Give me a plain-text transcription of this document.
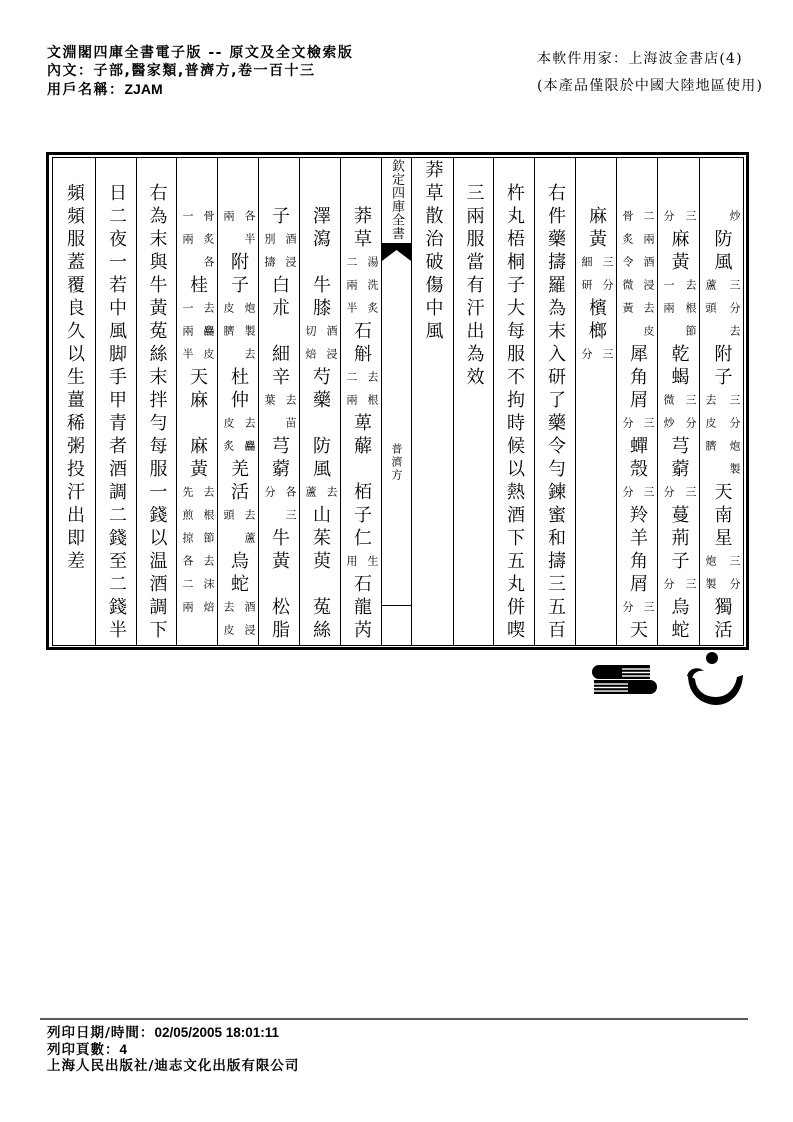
文淵閣四庫全書電子版 -- 原文及全文檢索版
內文：子部,醫家類,普濟方,卷一百十三
用戶名稱：ZJAM
本軟件用家：上海波金書店(4)
(本產品僅限於中國大陸地區使用)
炒
防風
三分去
蘆頭
附子
三分炮製
去皮臍
天南星
三分
炮製
獨活
三
分
麻黃
去根節
一兩
乾蝎
三分
微炒
芎藭
三
分
蔓荊子
三
分
烏蛇
二兩酒浸去皮
骨炙令微黃
犀角屑
三
分
蟬殼
三
分
羚羊角屑
三
分
天
麻黃
三分
細研
檳榔
三
分
右件藥擣羅為末入研了藥令勻鍊蜜和擣三五百
杵丸梧桐子大每服不拘時候以熱酒下五丸併喫
三兩服當有汗出為效
莽草散治破傷中風
欽定四庫全書
普濟方
莽草
湯洗炙
二兩半
石斛
去根
二兩
萆薢
栢子仁
生
用
石龍芮
澤瀉
牛膝
酒浸
切焙
芍藥
防風
去
蘆
山茱萸
菟絲
子
酒浸
別擣
白朮
細辛
去苗
葉
芎藭
各三
分
牛黃
松脂
各半
兩
附子
炮製去
皮臍
杜仲
去麤
皮炙
羌活
去蘆
頭
烏蛇
酒浸
去皮
骨炙各
一兩
桂
去麤皮
一兩半
天麻
麻黃
去根節去沫焙
先煎掠各二兩
右為末與牛黃菟絲末拌勻每服一錢以温酒調下
日二夜一若中風脚手甲青者酒調二錢至二錢半
頻頻服蓋覆良久以生薑稀粥投汗出即差
列印日期/時間：02/05/2005 18:01:11
列印頁數：4
上海人民出版社/迪志文化出版有限公司
